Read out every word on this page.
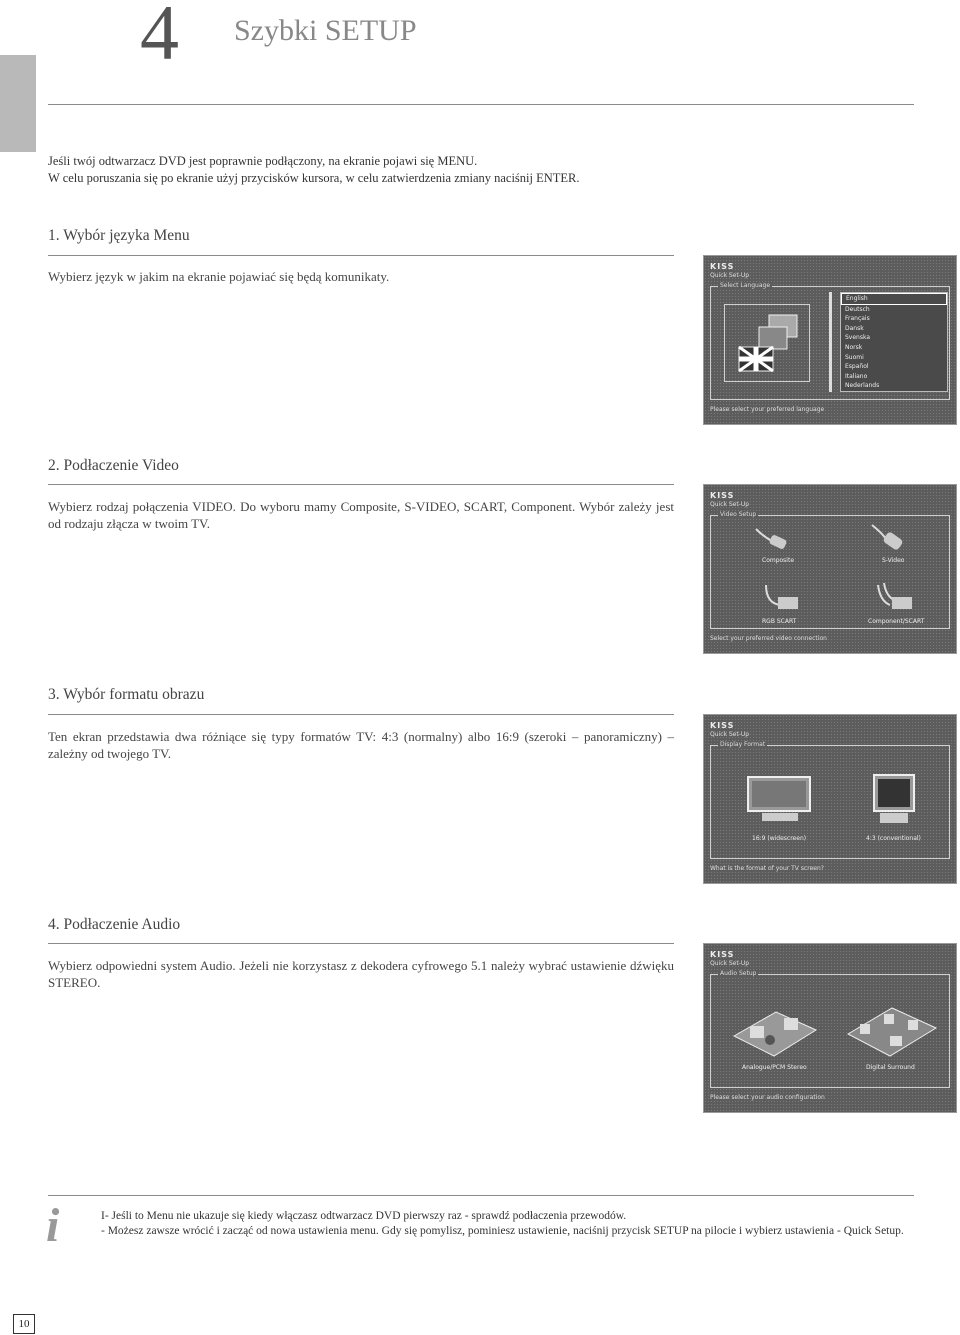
4 Szybki SETUP
Jeśli twój odtwarzacz DVD jest poprawnie podłączony, na ekranie pojawi się MENU.
W celu poruszania się po ekranie użyj przycisków kursora, w celu zatwierdzenia zmiany naciśnij ENTER.
1. Wybór języka Menu
Wybierz język w jakim na ekranie pojawiać się będą komunikaty.
KISS
Quick Set-Up
Select Language
English
Deutsch
Français
Dansk
Svenska
Norsk
Suomi
Español
Italiano
Nederlands
Please select your preferred language
2. Podłaczenie Video
Wybierz rodzaj połączenia VIDEO. Do wyboru mamy Composite, S-VIDEO, SCART, Component. Wybór zależy jest od rodzaju złącza w twoim TV.
KISS
Quick Set-Up
Video Setup
Composite	S-Video
RGB SCART	Component/SCART
Select your preferred video connection
3. Wybór formatu obrazu
Ten ekran przedstawia dwa różniące się typy formatów TV: 4:3 (normalny) albo 16:9 (szeroki – panoramiczny) – zależny od twojego TV.
KISS
Quick Set-Up
Display Format
16:9 (widescreen)	4:3 (conventional)
What is the format of your TV screen?
4. Podłaczenie Audio
Wybierz odpowiedni system Audio. Jeżeli nie korzystasz z dekodera cyfrowego 5.1 należy wybrać ustawienie dźwięku STEREO.
KISS
Quick Set-Up
Audio Setup
Analogue/PCM Stereo	Digital Surround
Please select your audio configuration
i	I- Jeśli to Menu nie ukazuje się kiedy włączasz odtwarzacz DVD pierwszy raz - sprawdź podłaczenia przewodów.
- Możesz zawsze wrócić i zacząć od nowa ustawienia menu. Gdy się pomylisz, pominiesz ustawienie, naciśnij przycisk SETUP na pilocie i wybierz ustawienia - Quick Setup.
10
